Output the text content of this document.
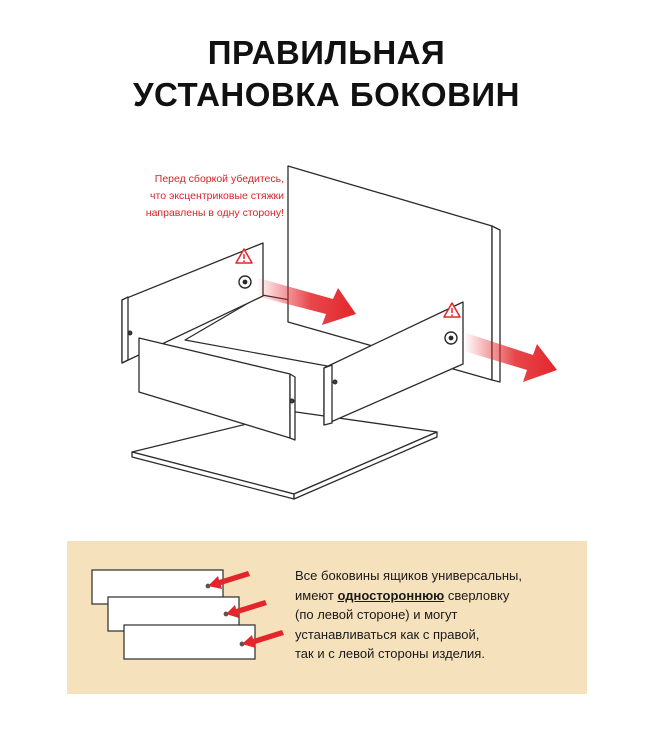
ПРАВИЛЬНАЯ
УСТАНОВКА БОКОВИН
Перед сборкой убедитесь,
что эксцентриковые стяжки
направлены в одну сторону!
Все боковины ящиков универсальны,
имеют одностороннюю сверловку
(по левой стороне) и могут
устанавливаться как с правой,
так и с левой стороны изделия.
